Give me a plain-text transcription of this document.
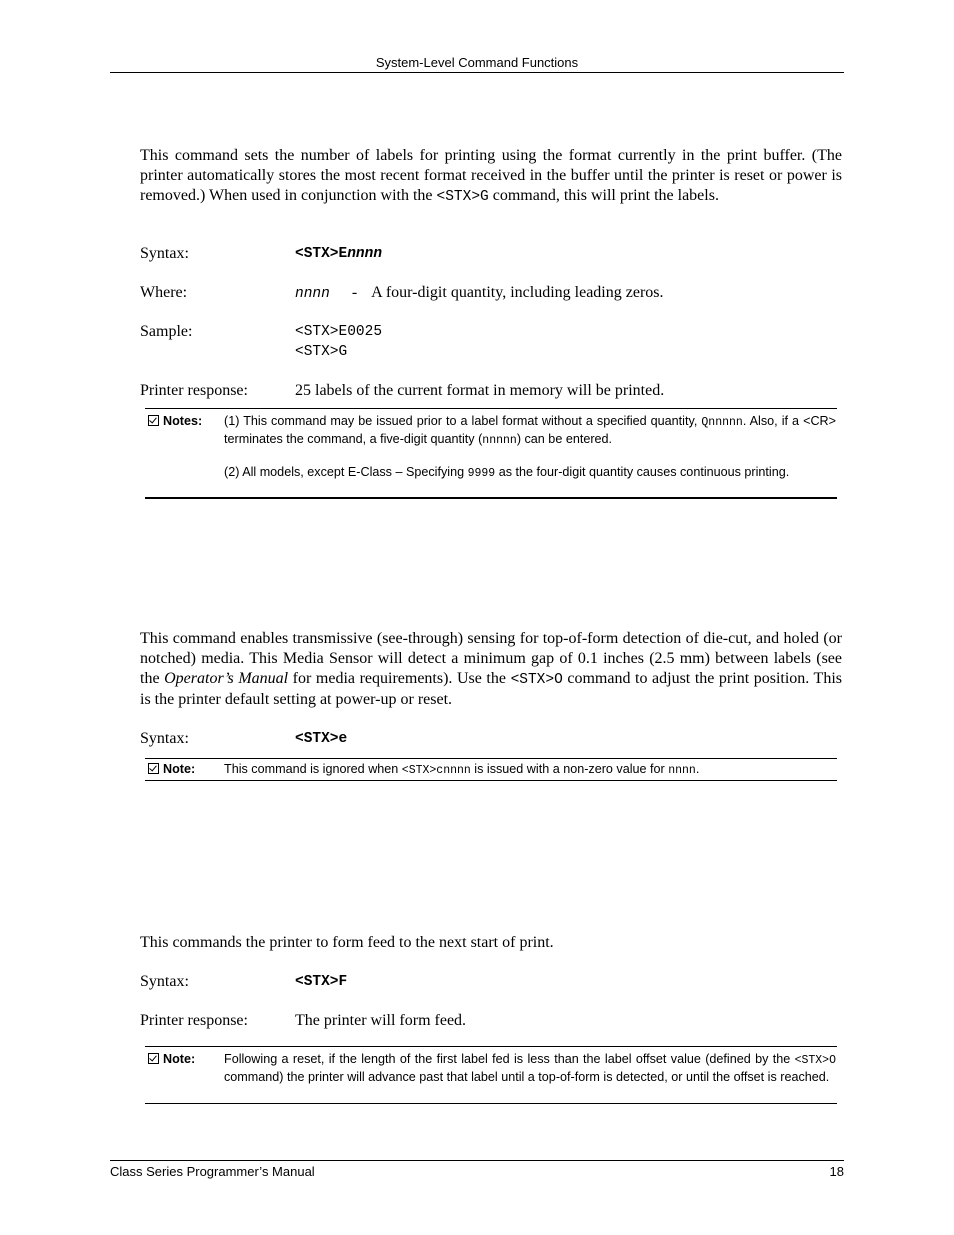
System-Level Command Functions
This command sets the number of labels for printing using the format currently in the print buffer. (The printer automatically stores the most recent format received in the buffer until the printer is reset or power is removed.) When used in conjunction with the <STX>G command, this will print the labels.
Syntax:	<STX>Ennnn
Where:	nnnn - A four-digit quantity, including leading zeros.
Sample:	<STX>E0025
<STX>G
Printer response:	25 labels of the current format in memory will be printed.
Notes: (1) This command may be issued prior to a label format without a specified quantity, Qnnnnn. Also, if a <CR> terminates the command, a five-digit quantity (nnnnn) can be entered.
(2) All models, except E-Class – Specifying 9999 as the four-digit quantity causes continuous printing.
This command enables transmissive (see-through) sensing for top-of-form detection of die-cut, and holed (or notched) media. This Media Sensor will detect a minimum gap of 0.1 inches (2.5 mm) between labels (see the Operator’s Manual for media requirements). Use the <STX>O command to adjust the print position. This is the printer default setting at power-up or reset.
Syntax:	<STX>e
Note: This command is ignored when <STX>cnnnn is issued with a non-zero value for nnnn.
This commands the printer to form feed to the next start of print.
Syntax:	<STX>F
Printer response:	The printer will form feed.
Note: Following a reset, if the length of the first label fed is less than the label offset value (defined by the <STX>O command) the printer will advance past that label until a top-of-form is detected, or until the offset is reached.
Class Series Programmer’s Manual	18
